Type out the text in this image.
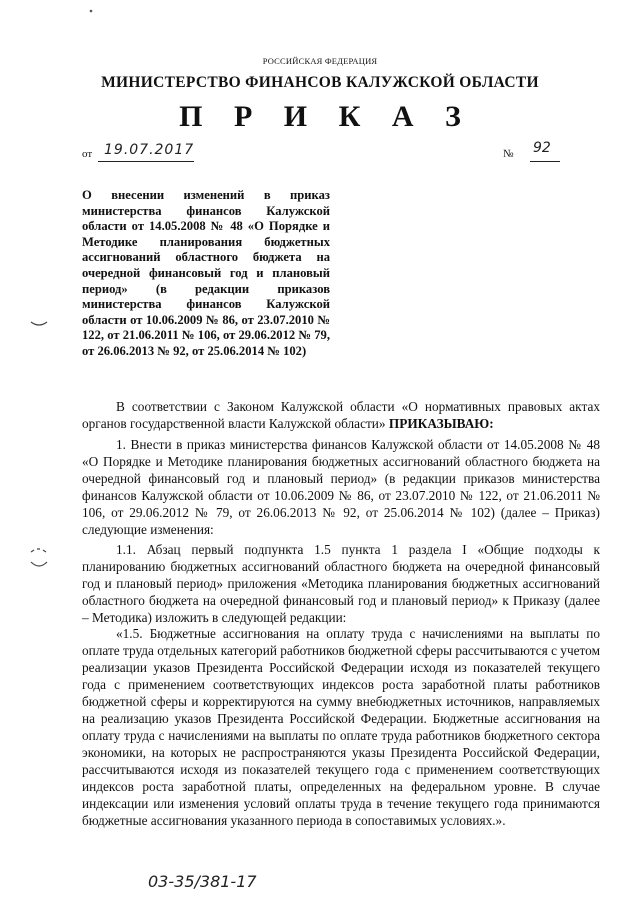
РОССИЙСКАЯ ФЕДЕРАЦИЯ
МИНИСТЕРСТВО ФИНАНСОВ КАЛУЖСКОЙ ОБЛАСТИ
П Р И К А З
от 19.07.2017	№ 92
О внесении изменений в приказ министерства финансов Калужской области от 14.05.2008 № 48 «О Порядке и Методике планирования бюджетных ассигнований областного бюджета на очередной финансовый год и плановый период» (в редакции приказов министерства финансов Калужской области от 10.06.2009 № 86, от 23.07.2010 № 122, от 21.06.2011 № 106, от 29.06.2012 № 79, от 26.06.2013 № 92, от 25.06.2014 № 102)
В соответствии с Законом Калужской области «О нормативных правовых актах органов государственной власти Калужской области» ПРИКАЗЫВАЮ:
1. Внести в приказ министерства финансов Калужской области от 14.05.2008 № 48 «О Порядке и Методике планирования бюджетных ассигнований областного бюджета на очередной финансовый год и плановый период» (в редакции приказов министерства финансов Калужской области от 10.06.2009 № 86, от 23.07.2010 № 122, от 21.06.2011 № 106, от 29.06.2012 № 79, от 26.06.2013 № 92, от 25.06.2014 № 102) (далее – Приказ) следующие изменения:
1.1. Абзац первый подпункта 1.5 пункта 1 раздела I «Общие подходы к планированию бюджетных ассигнований областного бюджета на очередной финансовый год и плановый период» приложения «Методика планирования бюджетных ассигнований областного бюджета на очередной финансовый год и плановый период» к Приказу (далее – Методика) изложить в следующей редакции:
«1.5. Бюджетные ассигнования на оплату труда с начислениями на выплаты по оплате труда отдельных категорий работников бюджетной сферы рассчитываются с учетом реализации указов Президента Российской Федерации исходя из показателей текущего года с применением соответствующих индексов роста заработной платы работников бюджетной сферы и корректируются на сумму внебюджетных источников, направляемых на реализацию указов Президента Российской Федерации. Бюджетные ассигнования на оплату труда с начислениями на выплаты по оплате труда работников бюджетного сектора экономики, на которых не распространяются указы Президента Российской Федерации, рассчитываются исходя из показателей текущего года с применением соответствующих индексов роста заработной платы, определенных на федеральном уровне. В случае индексации или изменения условий оплаты труда в течение текущего года принимаются бюджетные ассигнования указанного периода в сопоставимых условиях.».
03-35/381-17
